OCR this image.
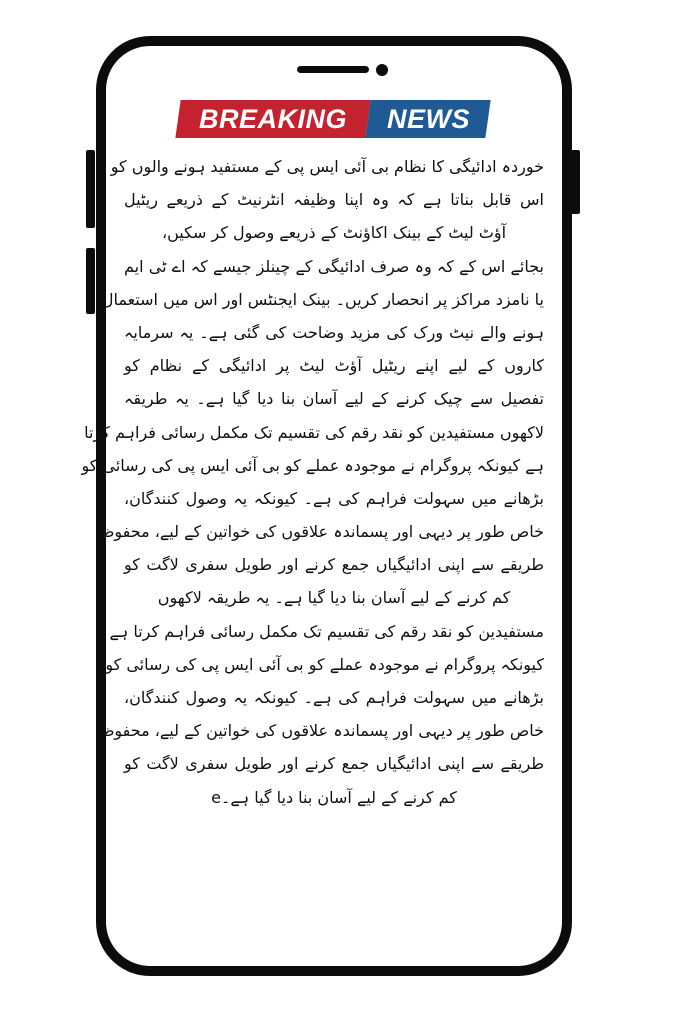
BREAKING	NEWS
خوردہ ادائیگی کا نظام بی آئی ایس پی کے مستفید ہونے والوں کو
اس قابل بناتا ہے کہ وہ اپنا وظیفہ انٹرنیٹ کے ذریعے ریٹیل
آؤٹ لیٹ کے بینک اکاؤنٹ کے ذریعے وصول کر سکیں،
بجائے اس کے کہ وہ صرف ادائیگی کے چینلز جیسے کہ اے ٹی ایم
یا نامزد مراکز پر انحصار کریں۔ بینک ایجنٹس اور اس میں استعمال
ہونے والے نیٹ ورک کی مزید وضاحت کی گئی ہے۔ یہ سرمایہ
کاروں کے لیے اپنے ریٹیل آؤٹ لیٹ پر ادائیگی کے نظام کو
تفصیل سے چیک کرنے کے لیے آسان بنا دیا گیا ہے۔ یہ طریقہ
لاکھوں مستفیدین کو نقد رقم کی تقسیم تک مکمل رسائی فراہم کرتا
ہے کیونکہ پروگرام نے موجودہ عملے کو بی آئی ایس پی کی رسائی کو
بڑھانے میں سہولت فراہم کی ہے۔ کیونکہ یہ وصول کنندگان،
خاص طور پر دیہی اور پسماندہ علاقوں کی خواتین کے لیے، محفوظ
طریقے سے اپنی ادائیگیاں جمع کرنے اور طویل سفری لاگت کو
کم کرنے کے لیے آسان بنا دیا گیا ہے۔ یہ طریقہ لاکھوں
مستفیدین کو نقد رقم کی تقسیم تک مکمل رسائی فراہم کرتا ہے
کیونکہ پروگرام نے موجودہ عملے کو بی آئی ایس پی کی رسائی کو
بڑھانے میں سہولت فراہم کی ہے۔ کیونکہ یہ وصول کنندگان،
خاص طور پر دیہی اور پسماندہ علاقوں کی خواتین کے لیے، محفوظ
طریقے سے اپنی ادائیگیاں جمع کرنے اور طویل سفری لاگت کو
کم کرنے کے لیے آسان بنا دیا گیا ہے۔e
